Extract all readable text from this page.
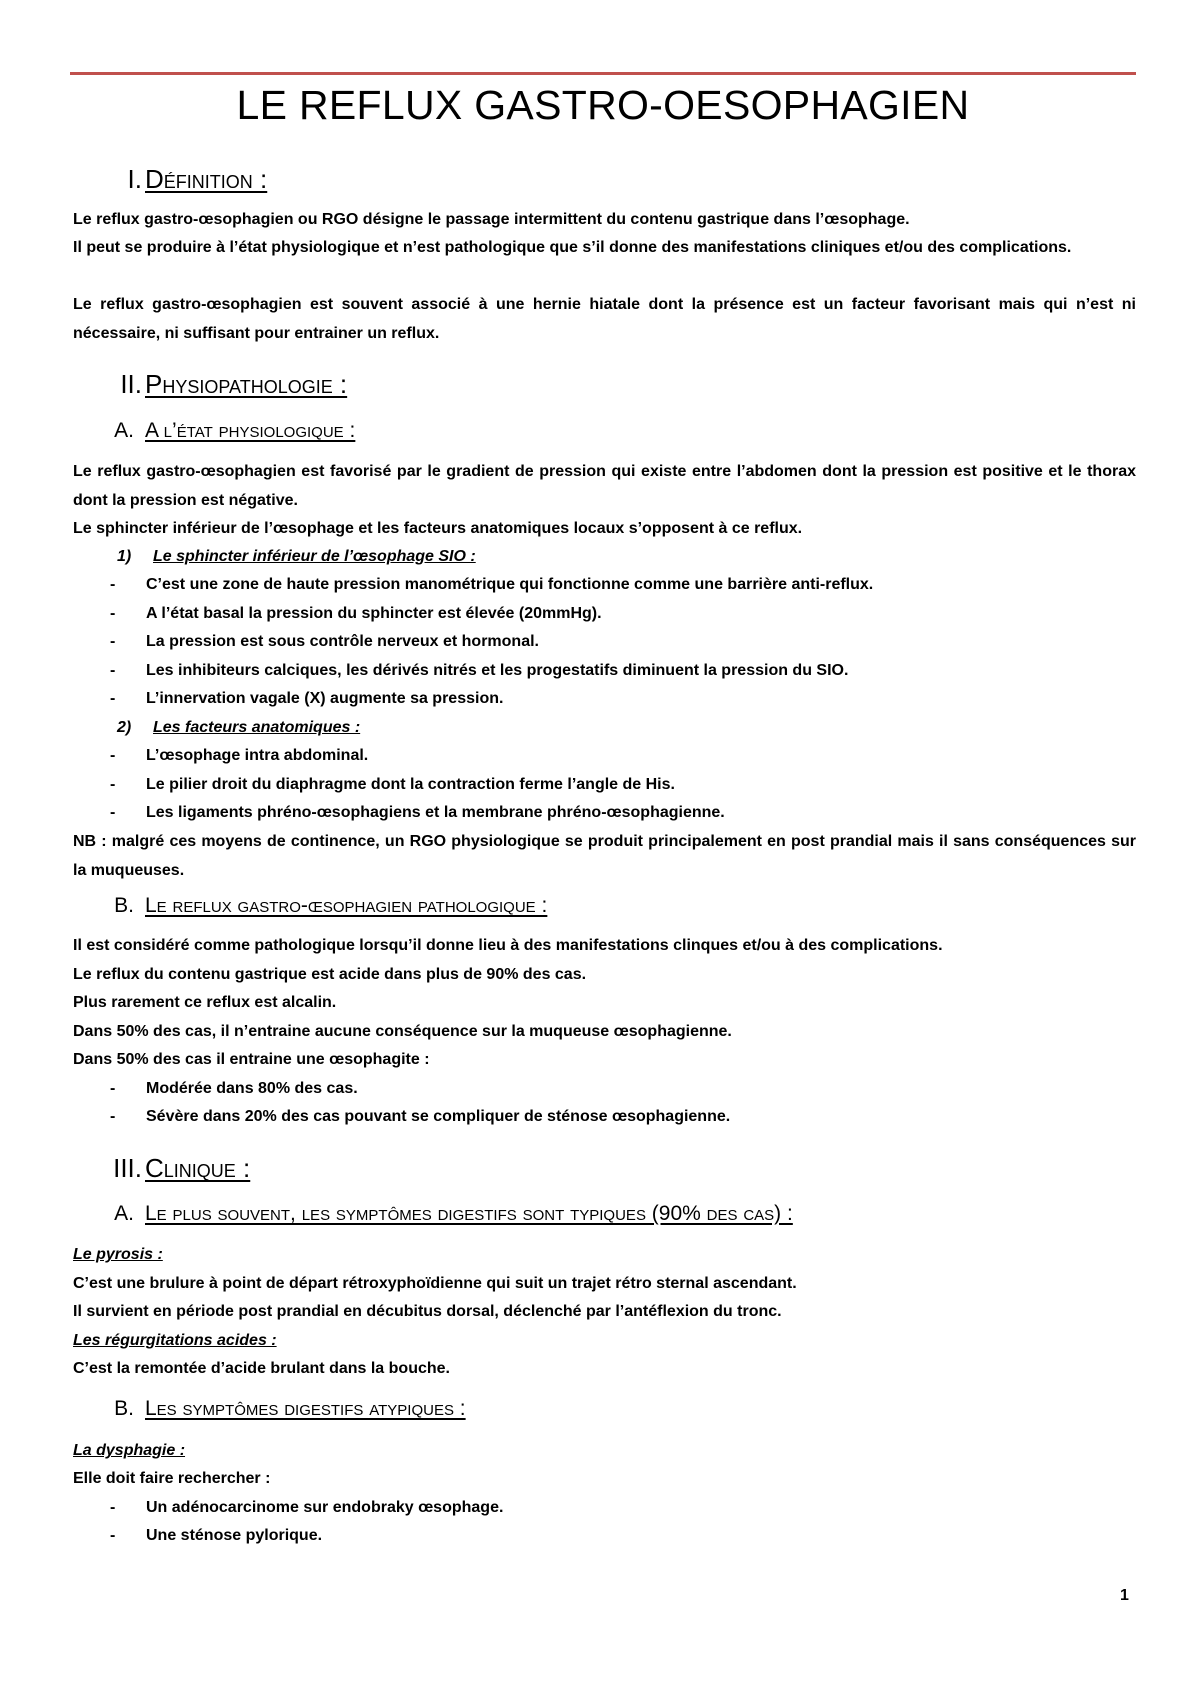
LE REFLUX GASTRO-OESOPHAGIEN
I. Définition :

Le reflux gastro-œsophagien ou RGO désigne le passage intermittent du contenu gastrique dans l’œsophage.

Il peut se produire à l’état physiologique et n’est pathologique que s’il donne des manifestations cliniques et/ou des complications.

Le reflux gastro-œsophagien est souvent associé à une hernie hiatale dont la présence est un facteur favorisant mais qui n’est ni nécessaire, ni suffisant pour entrainer un reflux.

II. Physiopathologie :
A. A l’état physiologique :

Le reflux gastro-œsophagien est favorisé par le gradient de pression qui existe entre l’abdomen dont la pression est positive et le thorax dont la pression est négative.

Le sphincter inférieur de l’œsophage et les facteurs anatomiques locaux s’opposent à ce reflux.

1) Le sphincter inférieur de l’œsophage SIO :
- C’est une zone de haute pression manométrique qui fonctionne comme une barrière anti-reflux.
- A l’état basal la pression du sphincter est élevée (20mmHg).
- La pression est sous contrôle nerveux et hormonal.
- Les inhibiteurs calciques, les dérivés nitrés et les progestatifs diminuent la pression du SIO.
- L’innervation vagale (X) augmente sa pression.
2) Les facteurs anatomiques :
- L’œsophage intra abdominal.
- Le pilier droit du diaphragme dont la contraction ferme l’angle de His.
- Les ligaments phréno-œsophagiens et la membrane phréno-œsophagienne.

NB : malgré ces moyens de continence, un RGO physiologique se produit principalement en post prandial mais il sans conséquences sur la muqueuses.

B. Le reflux gastro-œsophagien pathologique :

Il est considéré comme pathologique lorsqu’il donne lieu à des manifestations clinques et/ou à des complications.

Le reflux du contenu gastrique est acide dans plus de 90% des cas.

Plus rarement ce reflux est alcalin.

Dans 50% des cas, il n’entraine aucune conséquence sur la muqueuse œsophagienne.

Dans 50% des cas il entraine une œsophagite :

- Modérée dans 80% des cas.
- Sévère dans 20% des cas pouvant se compliquer de sténose œsophagienne.
III. Clinique :
A. Le plus souvent, les symptômes digestifs sont typiques (90% des cas) :
Le pyrosis :

C’est une brulure à point de départ rétroxyphoïdienne qui suit un trajet rétro sternal ascendant.

Il survient en période post prandial en décubitus dorsal, déclenché par l’antéflexion du tronc.

Les régurgitations acides :

C’est la remontée d’acide brulant dans la bouche.

B. Les symptômes digestifs atypiques :
La dysphagie :

Elle doit faire rechercher :

- Un adénocarcinome sur endobraky œsophage.
- Une sténose pylorique.
1
